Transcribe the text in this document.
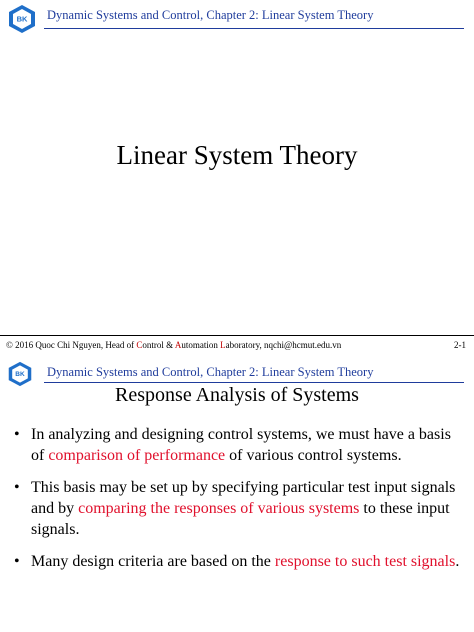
BK Dynamic Systems and Control, Chapter 2: Linear System Theory
Linear System Theory
© 2016 Quoc Chi Nguyen, Head of Control & Automation Laboratory, nqchi@hcmut.edu.vn	2-1
BK Dynamic Systems and Control, Chapter 2: Linear System Theory
Response Analysis of Systems
• In analyzing and designing control systems, we must have a basis of comparison of performance of various control systems.
• This basis may be set up by specifying particular test input signals and by comparing the responses of various systems to these input signals.
• Many design criteria are based on the response to such test signals.
